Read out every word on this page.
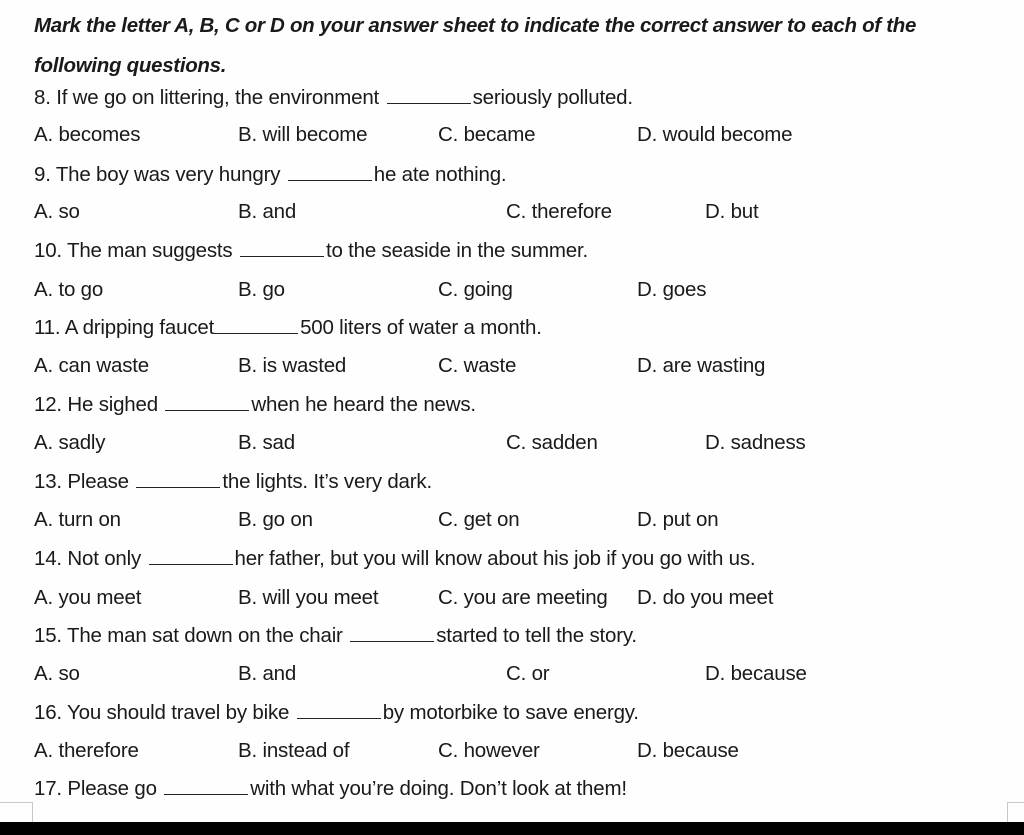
Mark the letter A, B, C or D on your answer sheet to indicate the correct answer to each of the following questions.
8. If we go on littering, the environment	seriously polluted.
A. becomes	B. will become	C. became	D. would become
9. The boy was very hungry	he ate nothing.
A. so	B. and	C. therefore	D. but
10. The man suggests	to the seaside in the summer.
A. to go	B. go	C. going	D. goes
11. A dripping faucet	500 liters of water a month.
A. can waste	B. is wasted	C. waste	D. are wasting
12. He sighed	when he heard the news.
A. sadly	B. sad	C. sadden	D. sadness
13. Please	the lights. It’s very dark.
A. turn on	B. go on	C. get on	D. put on
14. Not only	her father, but you will know about his job if you go with us.
A. you meet	B. will you meet	C. you are meeting D. do you meet
15. The man sat down on the chair	started to tell the story.
A. so	B. and	C. or	D. because
16. You should travel by bike	by motorbike to save energy.
A. therefore	B. instead of	C. however	D. because
17. Please go	with what you’re doing. Don’t look at them!
